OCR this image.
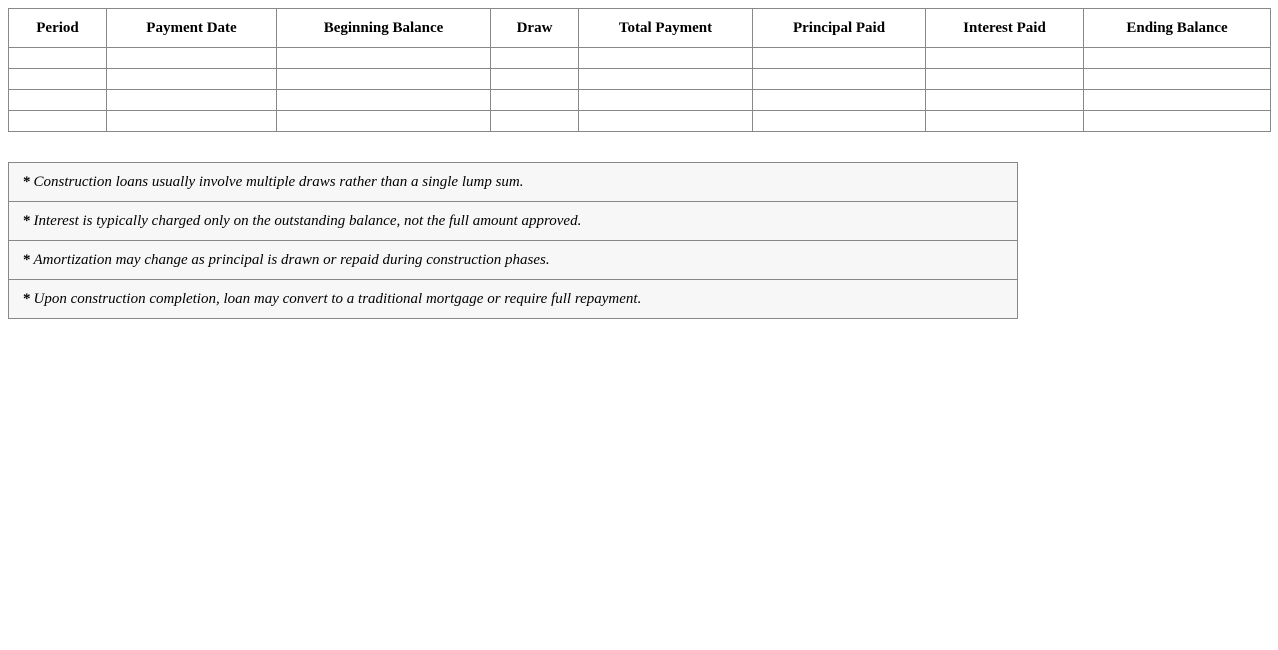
Period	Payment Date	Beginning Balance	Draw	Total Payment	Principal Paid	Interest Paid	Ending Balance

* Construction loans usually involve multiple draws rather than a single lump sum.
* Interest is typically charged only on the outstanding balance, not the full amount approved.
* Amortization may change as principal is drawn or repaid during construction phases.
* Upon construction completion, loan may convert to a traditional mortgage or require full repayment.
